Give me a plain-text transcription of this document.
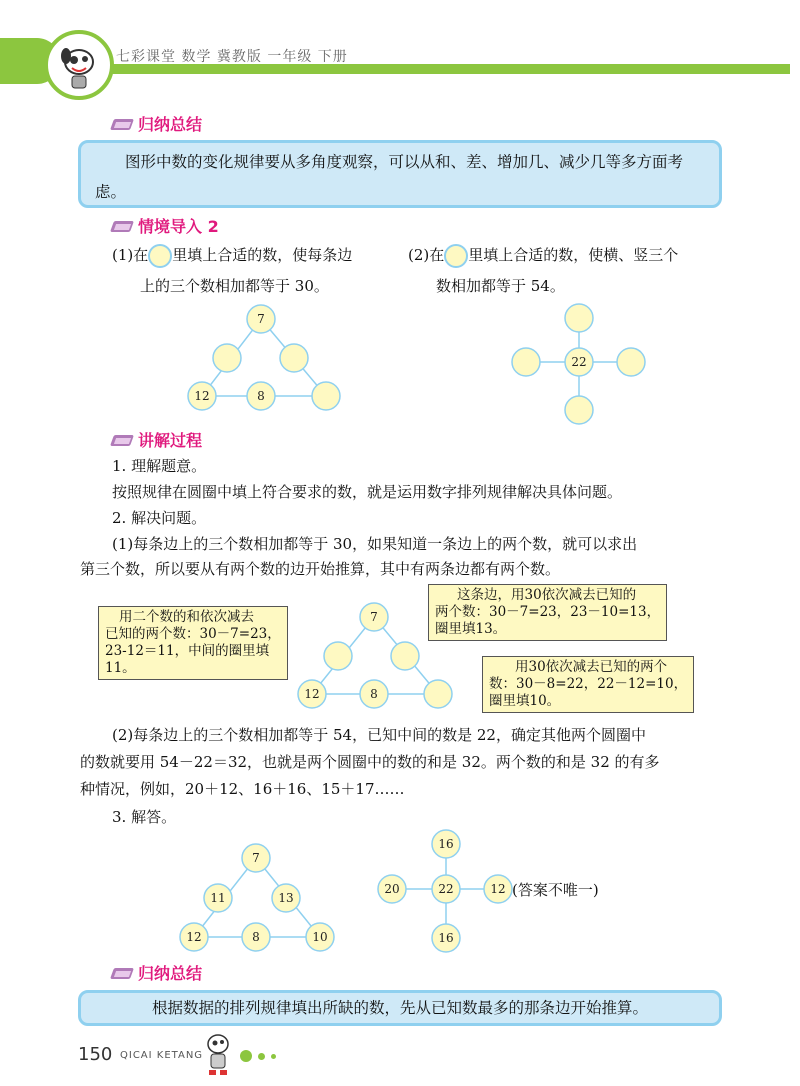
七彩课堂 数学 冀教版 一年级 下册
归纳总结
图形中数的变化规律要从多角度观察，可以从和、差、增加几、减少几等多方面考虑。
情境导入 2
(1)在 里填上合适的数，使每条边
上的三个数相加都等于 30。
(2)在 里填上合适的数，使横、竖三个
数相加都等于 54。
7
12	8
22
讲解过程
1. 理解题意。
按照规律在圆圈中填上符合要求的数，就是运用数字排列规律解决具体问题。
2. 解决问题。
(1)每条边上的三个数相加都等于 30，如果知道一条边上的两个数，就可以求出
第三个数，所以要从有两个数的边开始推算，其中有两条边都有两个数。
用二个数的和依次减去
已知的两个数：30－7=23，
23-12＝11，中间的圈里填
11。
这条边，用30依次减去已知的
两个数：30－7=23，23－10=13，
圈里填13。
用30依次减去已知的两个
数：30－8=22，22－12=10，
圈里填10。
7
12	8
(2)每条边上的三个数相加都等于 54，已知中间的数是 22，确定其他两个圆圈中
的数就要用 54－22＝32，也就是两个圆圈中的数的和是 32。两个数的和是 32 的有多
种情况，例如，20＋12、16＋16、15＋17……
3. 解答。
7
11	13
12	8	10
16
20	22	12
16
(答案不唯一)
归纳总结
根据数据的排列规律填出所缺的数，先从已知数最多的那条边开始推算。
150 QICAI KETANG
